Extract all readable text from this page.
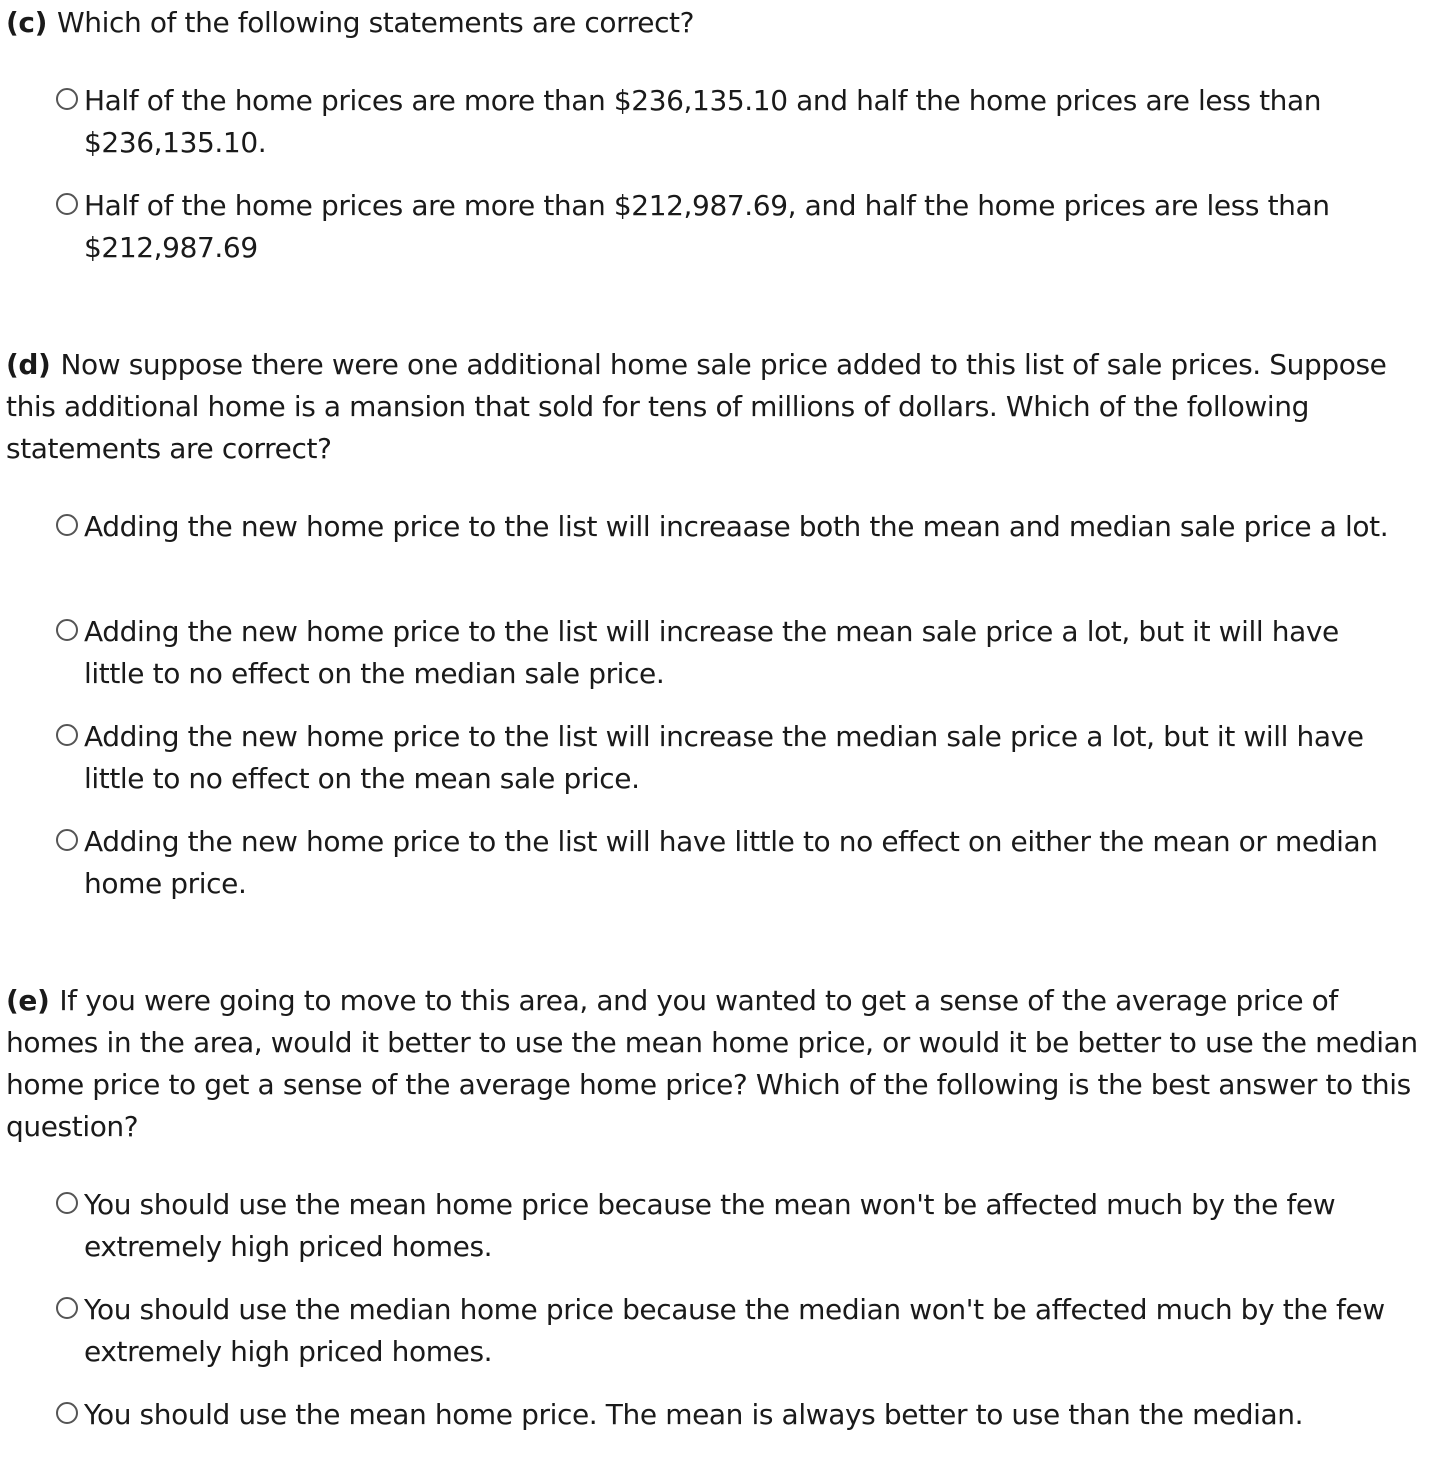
(c) Which of the following statements are correct?

Half of the home prices are more than $236,135.10 and half the home prices are less than $236,135.10.
Half of the home prices are more than $212,987.69, and half the home prices are less than $212,987.69

(d) Now suppose there were one additional home sale price added to this list of sale prices. Suppose this additional home is a mansion that sold for tens of millions of dollars. Which of the following statements are correct?

Adding the new home price to the list will increaase both the mean and median sale price a lot.
Adding the new home price to the list will increase the mean sale price a lot, but it will have little to no effect on the median sale price.
Adding the new home price to the list will increase the median sale price a lot, but it will have little to no effect on the mean sale price.
Adding the new home price to the list will have little to no effect on either the mean or median home price.

(e) If you were going to move to this area, and you wanted to get a sense of the average price of homes in the area, would it better to use the mean home price, or would it be better to use the median home price to get a sense of the average home price? Which of the following is the best answer to this question?

You should use the mean home price because the mean won't be affected much by the few extremely high priced homes.
You should use the median home price because the median won't be affected much by the few extremely high priced homes.
You should use the mean home price. The mean is always better to use than the median.
